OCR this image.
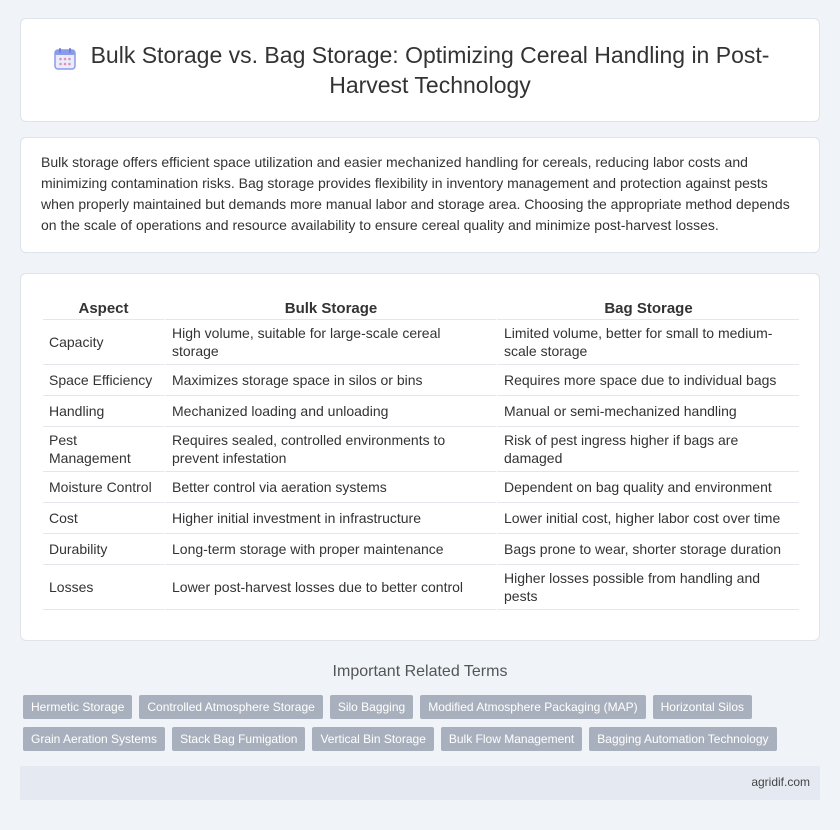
Bulk Storage vs. Bag Storage: Optimizing Cereal Handling in Post-Harvest Technology

Bulk storage offers efficient space utilization and easier mechanized handling for cereals, reducing labor costs and minimizing contamination risks. Bag storage provides flexibility in inventory management and protection against pests when properly maintained but demands more manual labor and storage area. Choosing the appropriate method depends on the scale of operations and resource availability to ensure cereal quality and minimize post-harvest losses.

Aspect	Bulk Storage	Bag Storage
Capacity	High volume, suitable for large-scale cereal storage	Limited volume, better for small to medium-scale storage
Space Efficiency	Maximizes storage space in silos or bins	Requires more space due to individual bags
Handling	Mechanized loading and unloading	Manual or semi-mechanized handling
Pest Management	Requires sealed, controlled environments to prevent infestation	Risk of pest ingress higher if bags are damaged
Moisture Control	Better control via aeration systems	Dependent on bag quality and environment
Cost	Higher initial investment in infrastructure	Lower initial cost, higher labor cost over time
Durability	Long-term storage with proper maintenance	Bags prone to wear, shorter storage duration
Losses	Lower post-harvest losses due to better control	Higher losses possible from handling and pests
Important Related Terms
Hermetic Storage	Controlled Atmosphere Storage	Silo Bagging	Modified Atmosphere Packaging (MAP)	Horizontal Silos
Grain Aeration Systems	Stack Bag Fumigation	Vertical Bin Storage	Bulk Flow Management	Bagging Automation Technology
agridif.com
